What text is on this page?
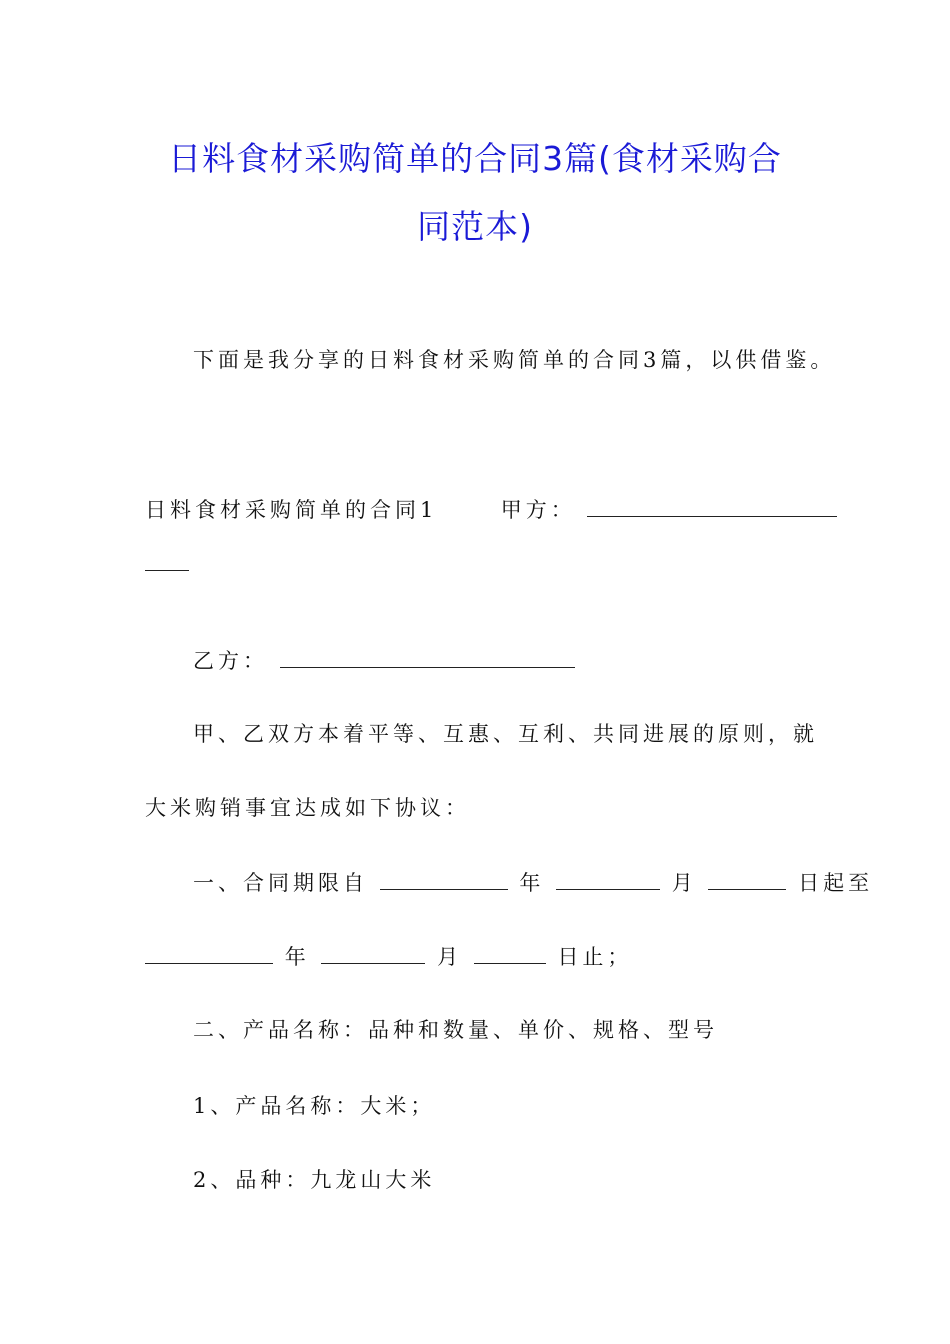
日料食材采购简单的合同3篇(食材采购合
同范本)
下面是我分享的日料食材采购简单的合同3篇，以供借鉴。
日料食材采购简单的合同1	甲方：
乙方：
甲、乙双方本着平等、互惠、互利、共同进展的原则，就
大米购销事宜达成如下协议：
一、合同期限自	年	月	日起至
年	月	日止；
二、产品名称：品种和数量、单价、规格、型号
1、产品名称：大米；
2、品种：九龙山大米
